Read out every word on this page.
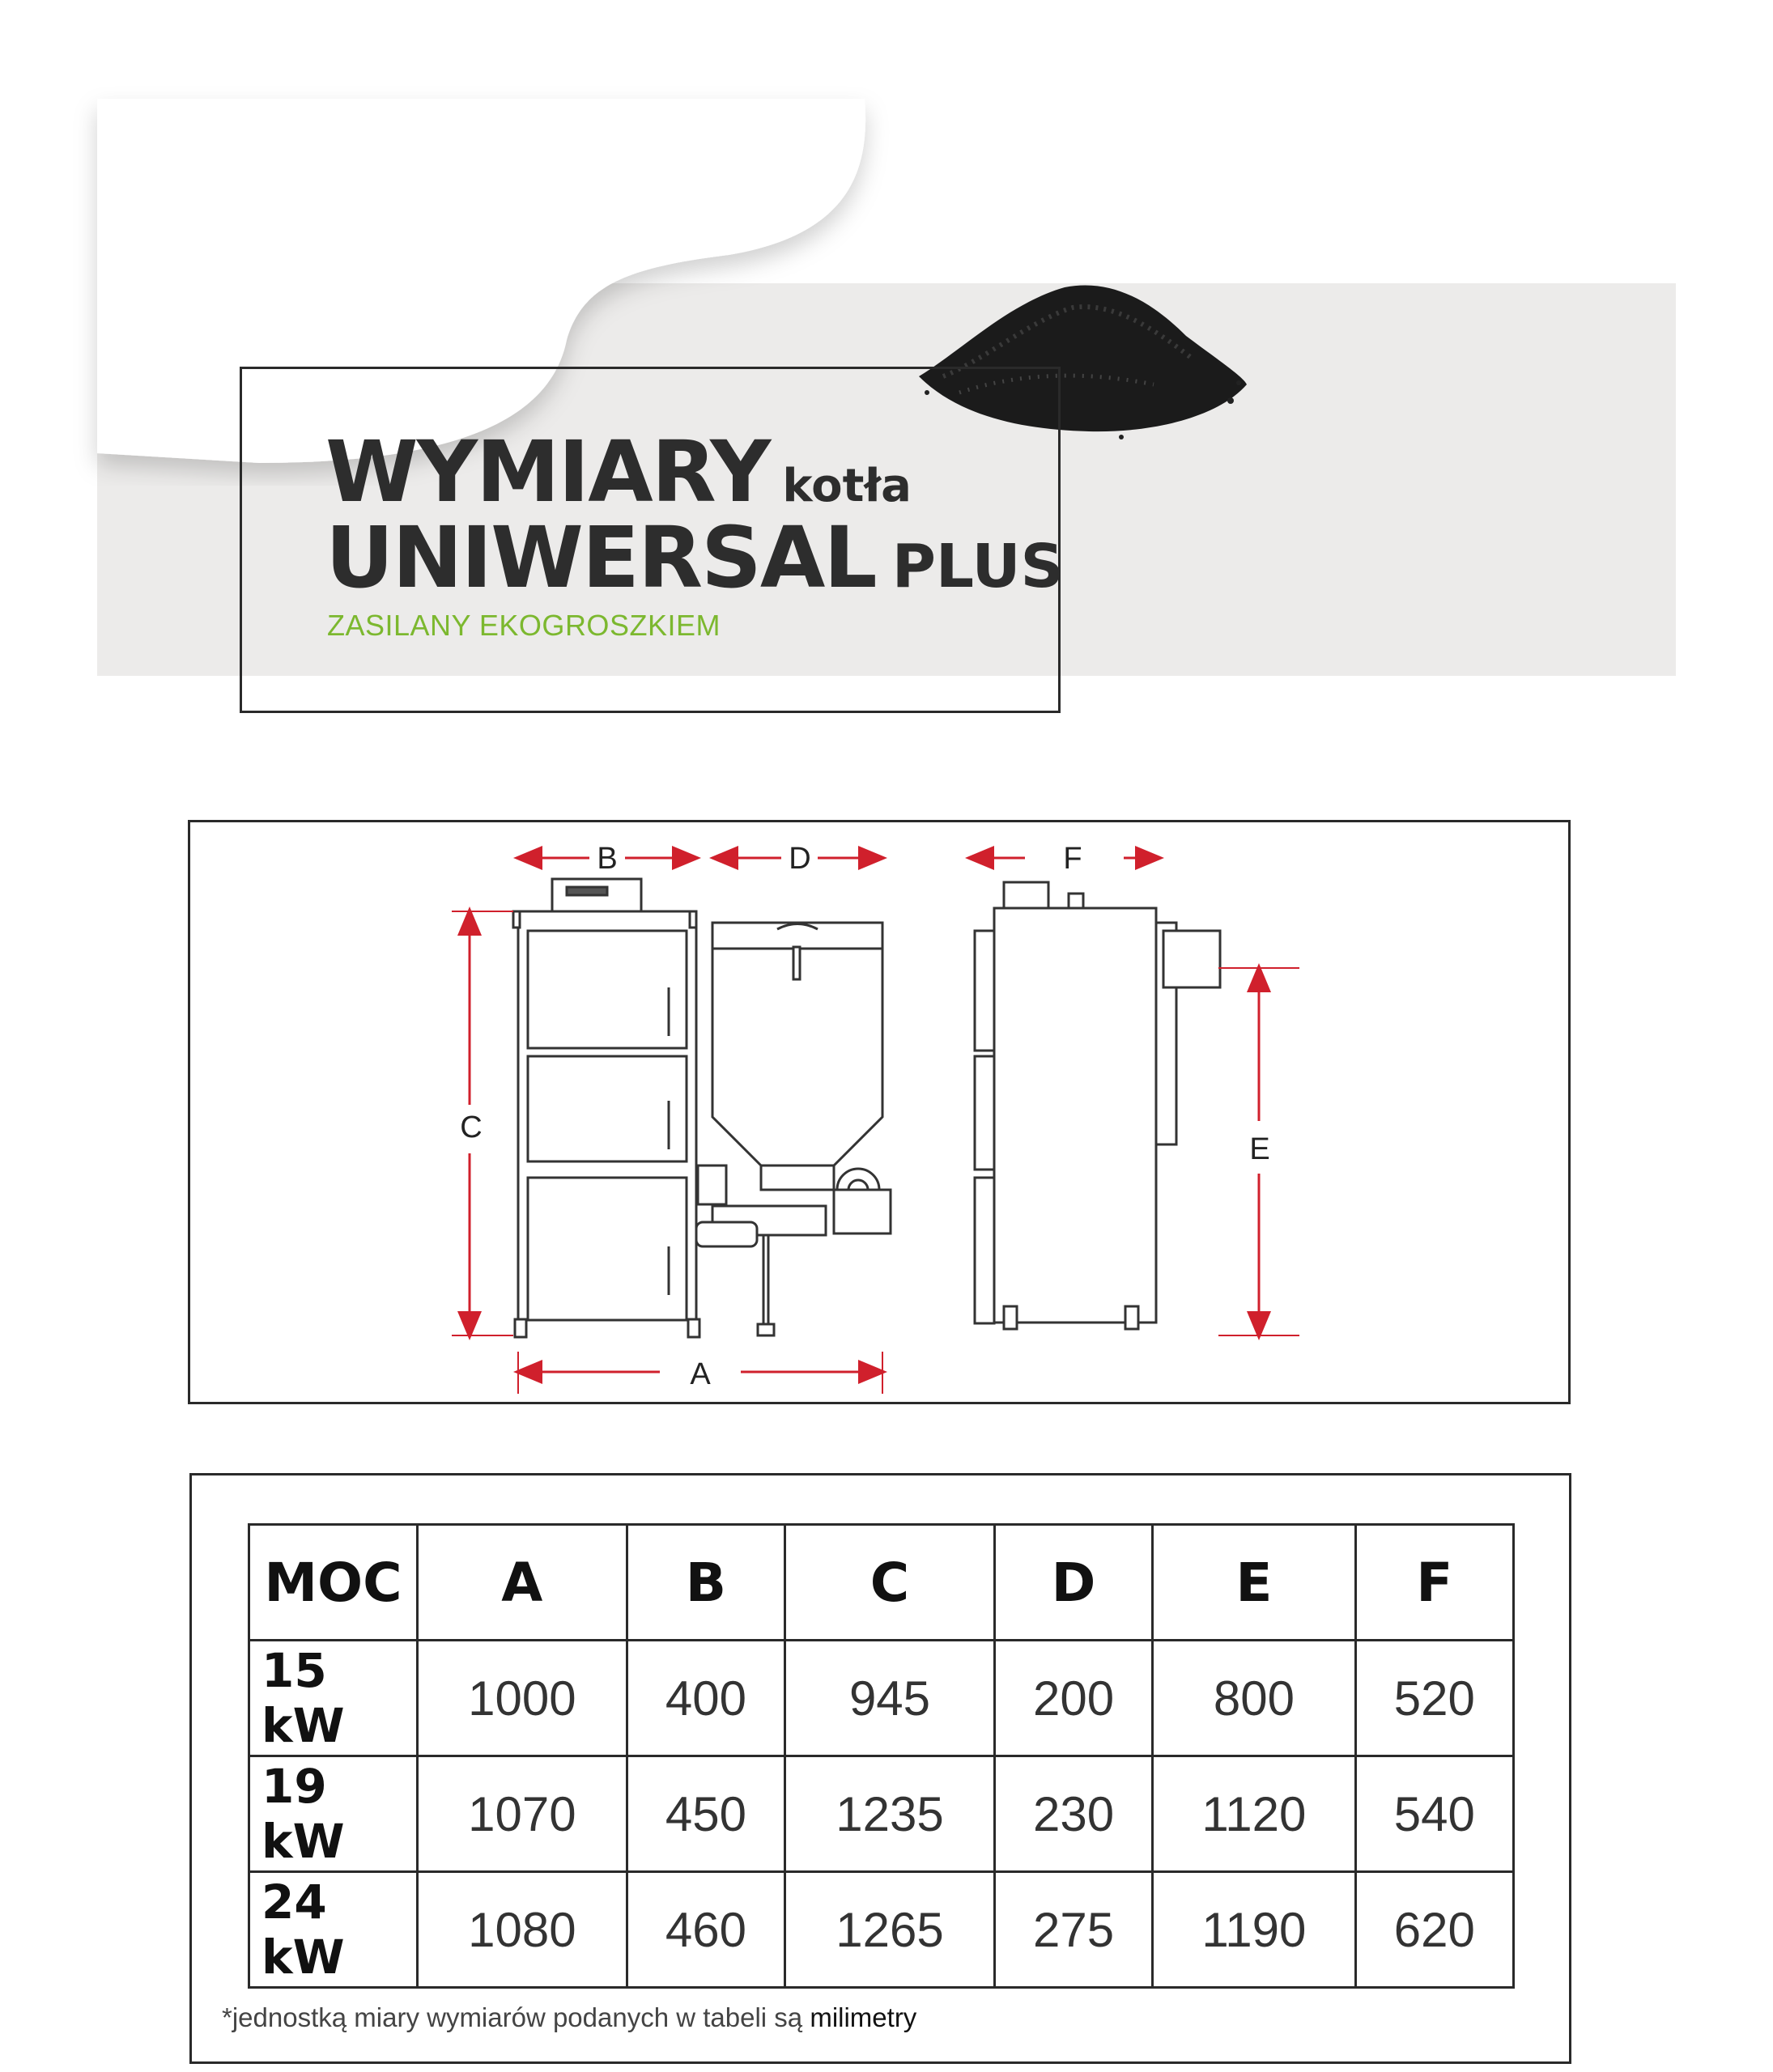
WYMIARY kotła
UNIWERSAL PLUS
ZASILANY EKOGROSZKIEM
B	D	F
C
E
A
MOC	A	B	C	D	E	F
15 kW	1000	400	945	200	800	520
19 kW	1070	450	1235	230	1120	540
24 kW	1080	460	1265	275	1190	620
*jednostką miary wymiarów podanych w tabeli są milimetry
